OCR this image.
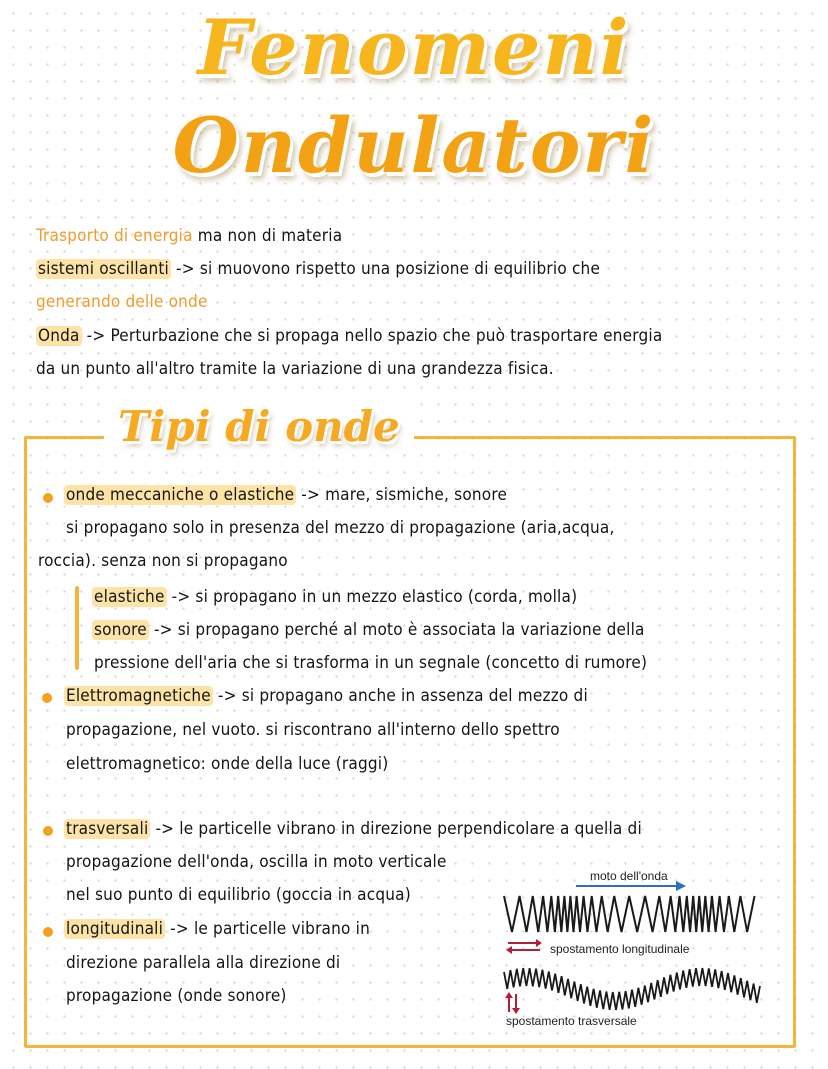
Fenomeni
Ondulatori
Trasporto di energia ma non di materia
sistemi oscillanti -> si muovono rispetto una posizione di equilibrio che
generando delle onde
Onda -> Perturbazione che si propaga nello spazio che può trasportare energia
da un punto all'altro tramite la variazione di una grandezza fisica.
Tipi di onde
onde meccaniche o elastiche -> mare, sismiche, sonore
si propagano solo in presenza del mezzo di propagazione (aria,acqua,
roccia). senza non si propagano
elastiche -> si propagano in un mezzo elastico (corda, molla)
sonore -> si propagano perché al moto è associata la variazione della
pressione dell'aria che si trasforma in un segnale (concetto di rumore)
Elettromagnetiche -> si propagano anche in assenza del mezzo di
propagazione, nel vuoto. si riscontrano all'interno dello spettro
elettromagnetico: onde della luce (raggi)
trasversali -> le particelle vibrano in direzione perpendicolare a quella di
propagazione dell'onda, oscilla in moto verticale
nel suo punto di equilibrio (goccia in acqua)
longitudinali -> le particelle vibrano in
direzione parallela alla direzione di
propagazione (onde sonore)
moto dell'onda
spostamento longitudinale
spostamento trasversale
